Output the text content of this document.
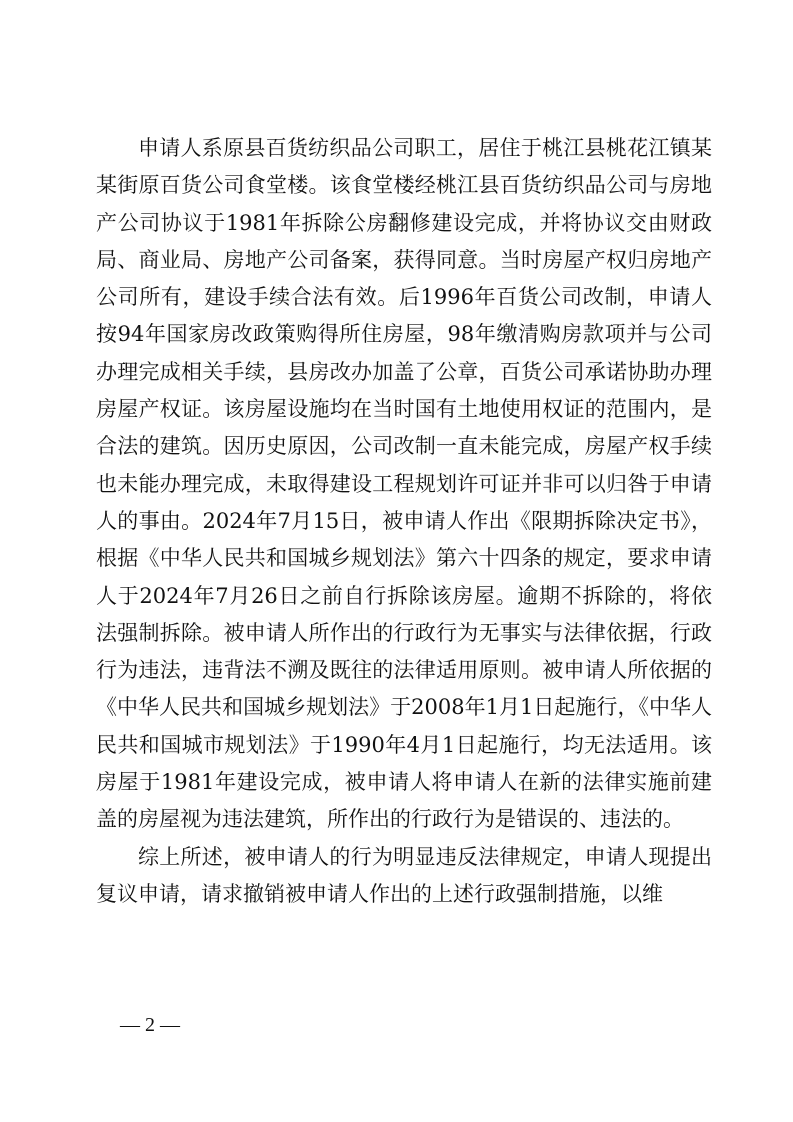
申请人系原县百货纺织品公司职工，居住于桃江县桃花江镇某某街原百货公司食堂楼。该食堂楼经桃江县百货纺织品公司与房地产公司协议于1981年拆除公房翻修建设完成，并将协议交由财政局、商业局、房地产公司备案，获得同意。当时房屋产权归房地产公司所有，建设手续合法有效。后1996年百货公司改制，申请人按94年国家房改政策购得所住房屋，98年缴清购房款项并与公司办理完成相关手续，县房改办加盖了公章，百货公司承诺协助办理房屋产权证。该房屋设施均在当时国有土地使用权证的范围内，是合法的建筑。因历史原因，公司改制一直未能完成，房屋产权手续也未能办理完成，未取得建设工程规划许可证并非可以归咎于申请人的事由。2024年7月15日，被申请人作出《限期拆除决定书》，根据《中华人民共和国城乡规划法》第六十四条的规定，要求申请人于2024年7月26日之前自行拆除该房屋。逾期不拆除的，将依法强制拆除。被申请人所作出的行政行为无事实与法律依据，行政行为违法，违背法不溯及既往的法律适用原则。被申请人所依据的《中华人民共和国城乡规划法》于2008年1月1日起施行，《中华人民共和国城市规划法》于1990年4月1日起施行，均无法适用。该房屋于1981年建设完成，被申请人将申请人在新的法律实施前建盖的房屋视为违法建筑，所作出的行政行为是错误的、违法的。

综上所述，被申请人的行为明显违反法律规定，申请人现提出复议申请，请求撤销被申请人作出的上述行政强制措施，以维

— 2 —
